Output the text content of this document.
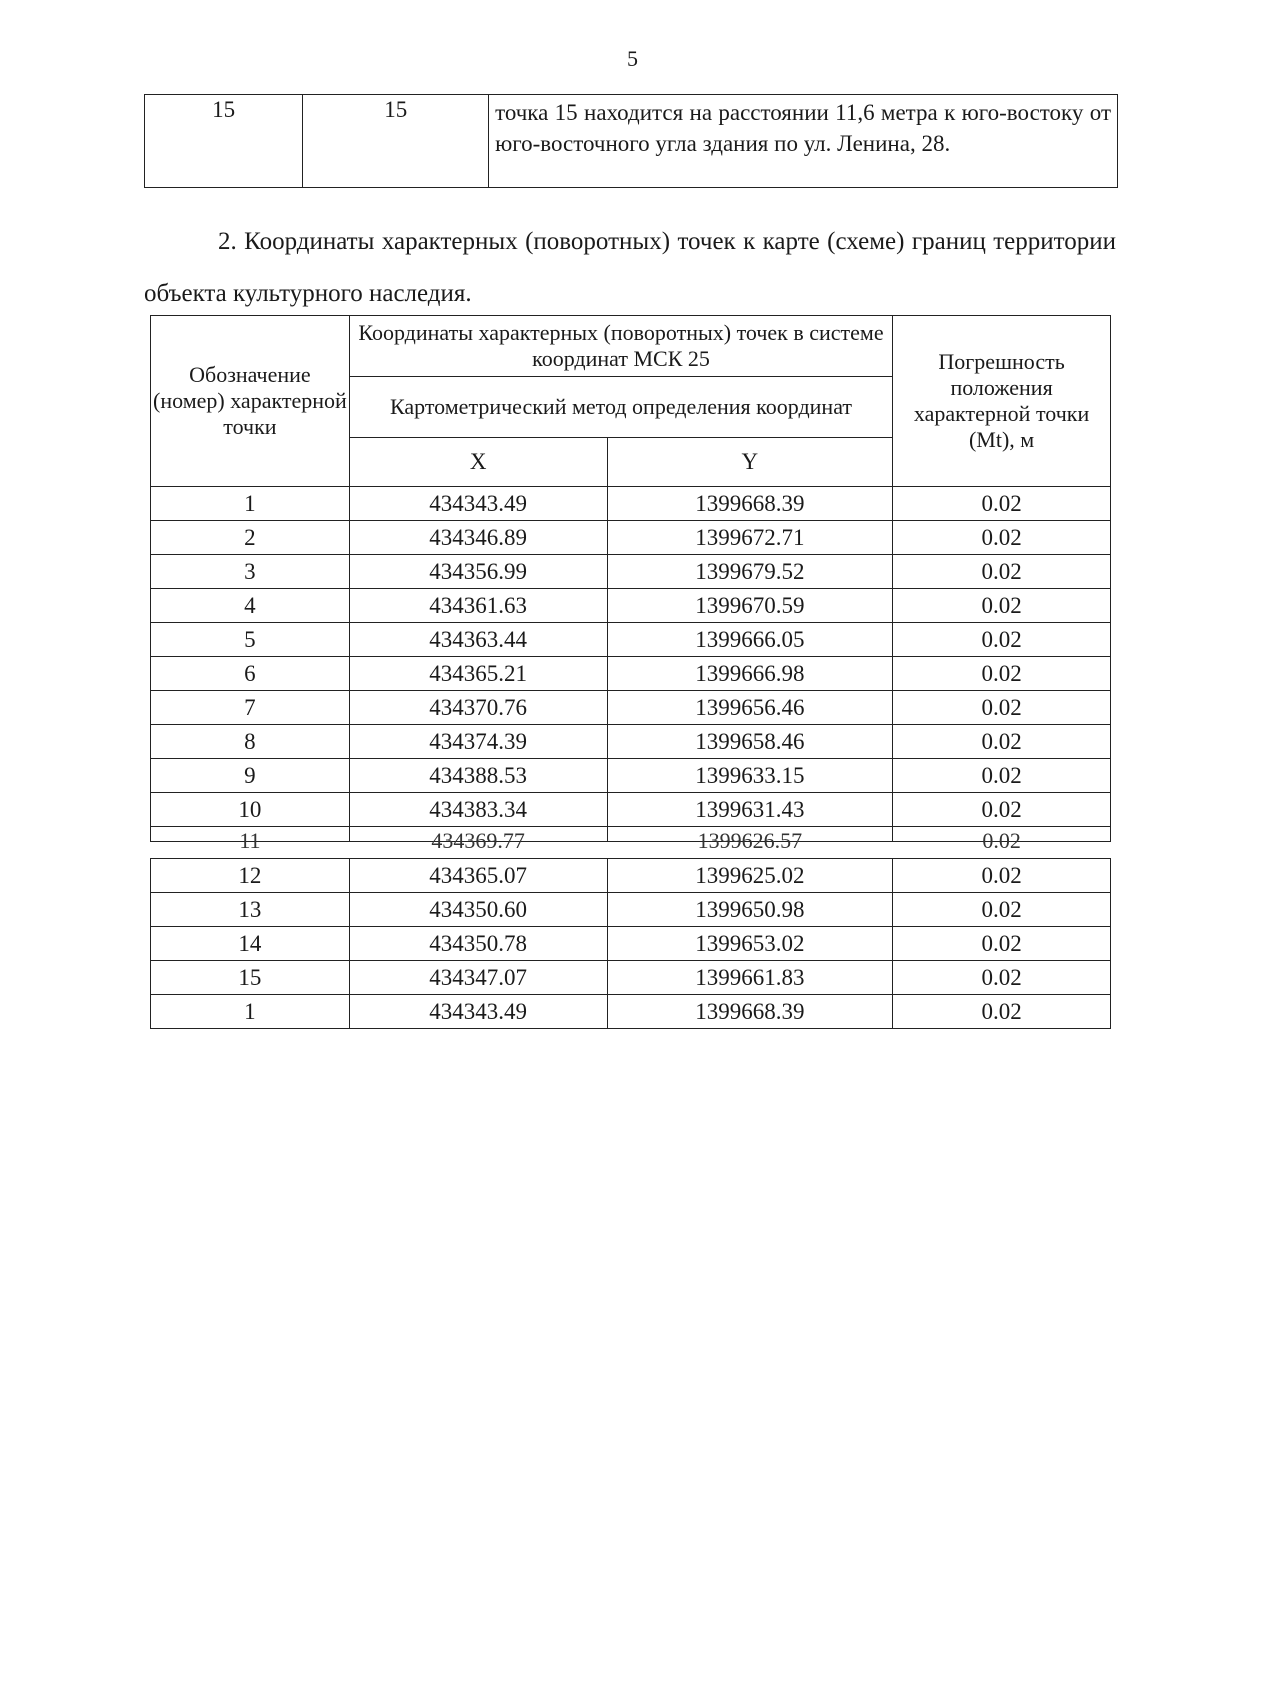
5
15	15	точка 15 находится на расстоянии 11,6 метра к юго-востоку от юго-восточного угла здания по ул. Ленина, 28.

2. Координаты характерных (поворотных) точек к карте (схеме) границ территории объекта культурного наследия.

Обозначение (номер) характерной точки	Координаты характерных (поворотных) точек в системе координат МСК 25		Погрешность положения характерной точки (Mt), м
	Картометрический метод определения координат		
	X	Y	
1	434343.49	1399668.39	0.02
2	434346.89	1399672.71	0.02
3	434356.99	1399679.52	0.02
4	434361.63	1399670.59	0.02
5	434363.44	1399666.05	0.02
6	434365.21	1399666.98	0.02
7	434370.76	1399656.46	0.02
8	434374.39	1399658.46	0.02
9	434388.53	1399633.15	0.02
10	434383.34	1399631.43	0.02

11	434369.77	1399626.57	0.02

12	434365.07	1399625.02	0.02
13	434350.60	1399650.98	0.02
14	434350.78	1399653.02	0.02
15	434347.07	1399661.83	0.02
1	434343.49	1399668.39	0.02
